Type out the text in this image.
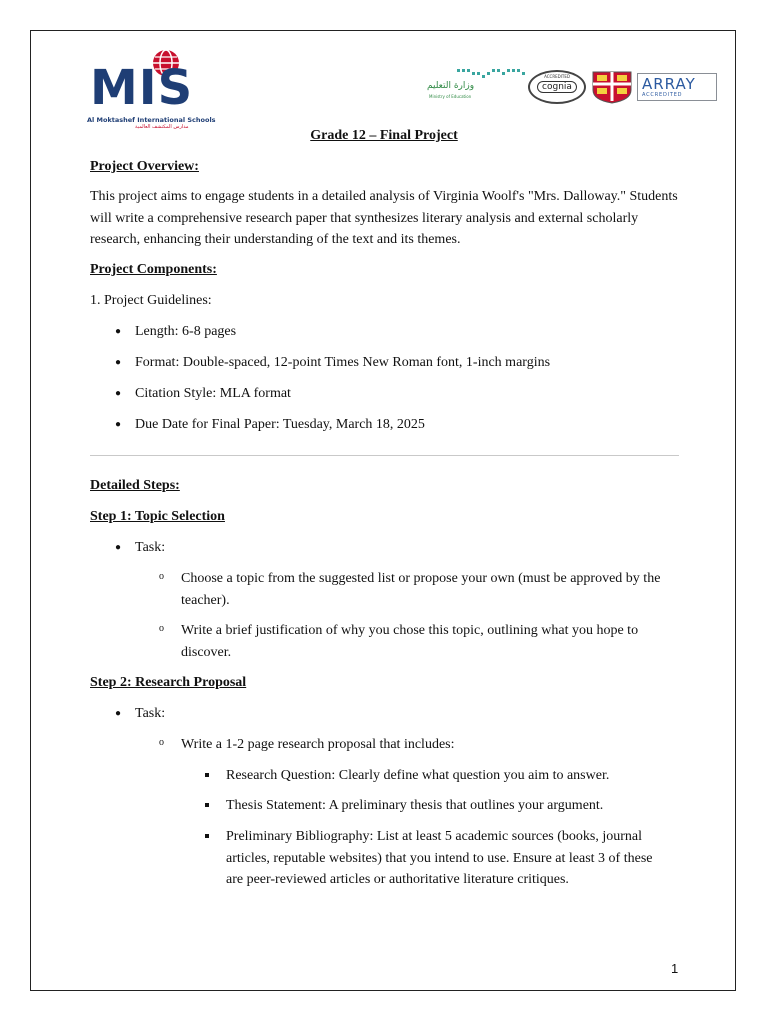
MIS
Al Moktashef International Schools
مدارس المكتشف العالمية
وزارة التعليم
Ministry of Education
ACCREDITED
cognia	ARRAY
ACCREDITED
Grade 12 – Final Project
Project Overview:
This project aims to engage students in a detailed analysis of Virginia Woolf's "Mrs. Dalloway." Students will write a comprehensive research paper that synthesizes literary analysis and external scholarly research, enhancing their understanding of the text and its themes.
Project Components:
1. Project Guidelines:
● Length: 6-8 pages
● Format: Double-spaced, 12-point Times New Roman font, 1-inch margins
● Citation Style: MLA format
● Due Date for Final Paper: Tuesday, March 18, 2025
Detailed Steps:
Step 1: Topic Selection
● Task:
o Choose a topic from the suggested list or propose your own (must be approved by the teacher).
o Write a brief justification of why you chose this topic, outlining what you hope to discover.
Step 2: Research Proposal
● Task:
o Write a 1-2 page research proposal that includes:
Research Question: Clearly define what question you aim to answer.
Thesis Statement: A preliminary thesis that outlines your argument.
Preliminary Bibliography: List at least 5 academic sources (books, journal articles, reputable websites) that you intend to use. Ensure at least 3 of these are peer-reviewed articles or authoritative literature critiques.
1
